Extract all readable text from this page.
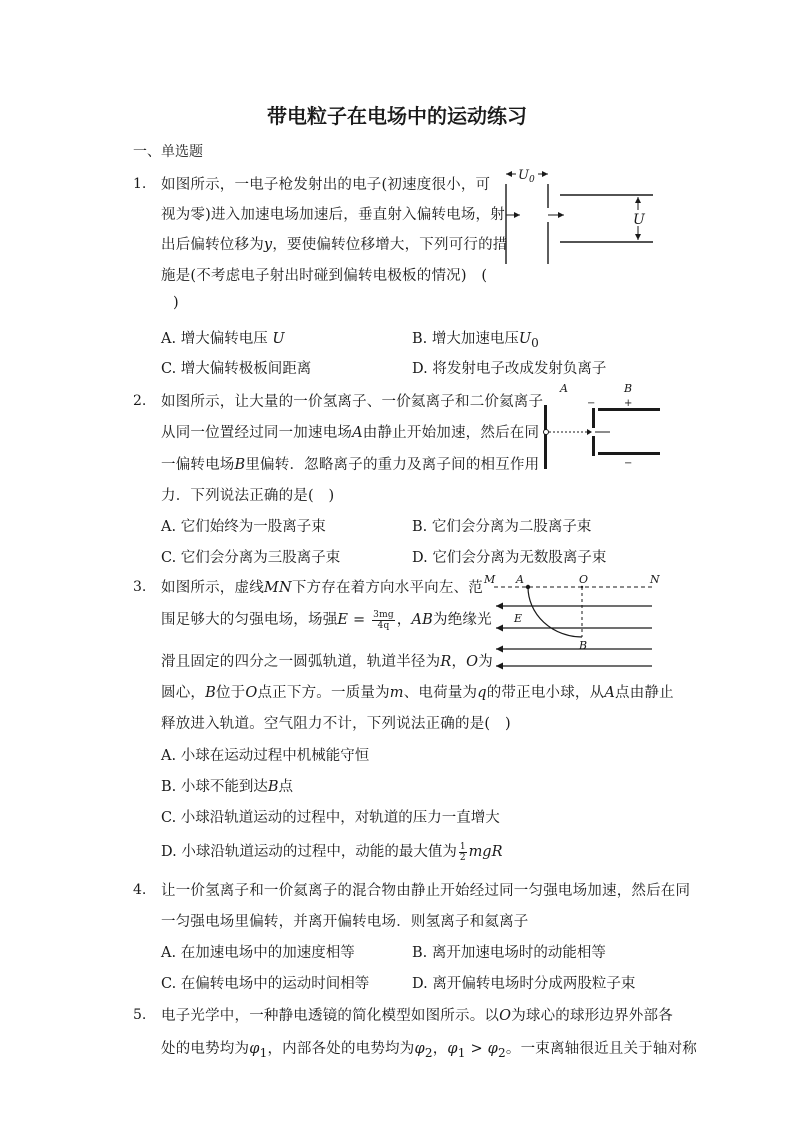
带电粒子在电场中的运动练习
一、单选题
1. 如图所示，一电子枪发射出的电子(初速度很小，可
视为零)进入加速电场加速后，垂直射入偏转电场，射
出后偏转位移为y，要使偏转位移增大，下列可行的措
施是(不考虑电子射出时碰到偏转电极板的情况)　(
)
A. 增大偏转电压 U	B. 增大加速电压$U_0$
C. 增大偏转极板间距离	D. 将发射电子改成发射负离子
$U_0$
U
2. 如图所示，让大量的一价氢离子、一价氦离子和二价氦离子
从同一位置经过同一加速电场A由静止开始加速，然后在同
一偏转电场B里偏转．忽略离子的重力及离子间的相互作用
力．下列说法正确的是(　)
A. 它们始终为一股离子束	B. 它们会分离为二股离子束
C. 它们会分离为三股离子束	D. 它们会分离为无数股离子束
A	B
−	+
−
3. 如图所示，虚线MN下方存在着方向水平向左、范
围足够大的匀强电场，场强$E = \frac{3mg}{4q}$ ，AB为绝缘光
滑且固定的四分之一圆弧轨道，轨道半径为R，O为
圆心，B位于O点正下方。一质量为m、电荷量为q的带正电小球，从A点由静止
释放进入轨道。空气阻力不计，下列说法正确的是(　)
A. 小球在运动过程中机械能守恒
B. 小球不能到达B点
C. 小球沿轨道运动的过程中，对轨道的压力一直增大
D. 小球沿轨道运动的过程中，动能的最大值为 $\frac{1}{2}$ mgR
M A	O	N
B
E
4. 让一价氢离子和一价氦离子的混合物由静止开始经过同一匀强电场加速，然后在同
一匀强电场里偏转，并离开偏转电场．则氢离子和氦离子
A. 在加速电场中的加速度相等	B. 离开加速电场时的动能相等
C. 在偏转电场中的运动时间相等	D. 离开偏转电场时分成两股粒子束
5. 电子光学中，一种静电透镜的简化模型如图所示。以O为球心的球形边界外部各
处的电势均为$\varphi_1$，内部各处的电势均为$\varphi_2$，$\varphi_1 > \varphi_2$。一束离轴很近且关于轴对称
